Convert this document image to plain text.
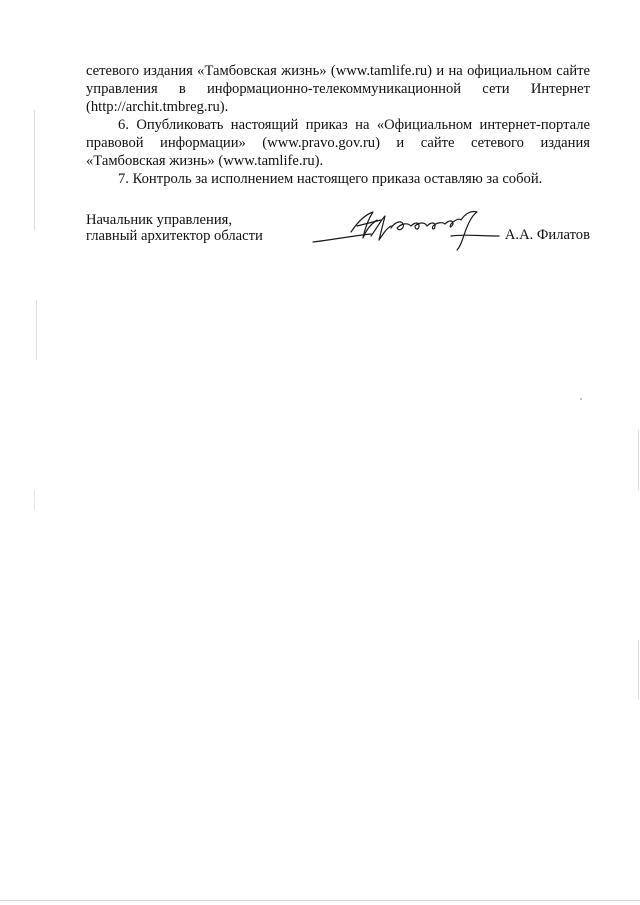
сетевого издания «Тамбовская жизнь» (www.tamlife.ru) и на официальном сайте управления в информационно-телекоммуникационной сети Интернет (http://archit.tmbreg.ru).

6. Опубликовать настоящий приказ на «Официальном интернет-портале правовой информации» (www.pravo.gov.ru) и сайте сетевого издания «Тамбовская жизнь» (www.tamlife.ru).

7. Контроль за исполнением настоящего приказа оставляю за собой.

Начальник управления,
главный архитектор области	А.А. Филатов
